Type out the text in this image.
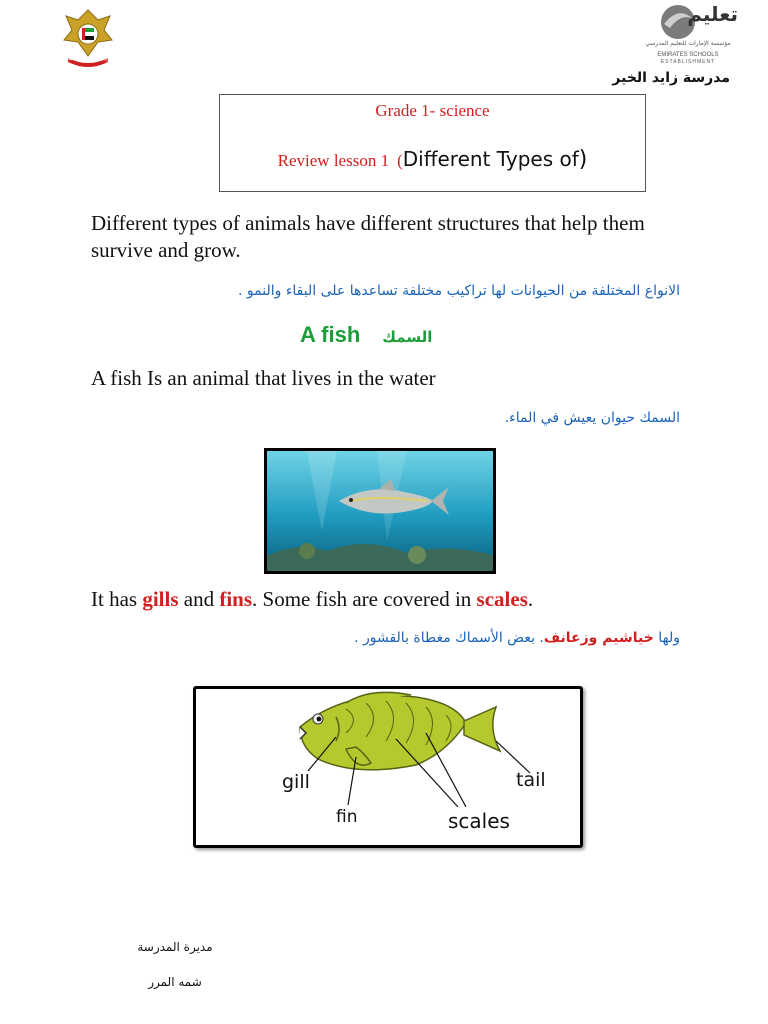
وزارة التربية والتعليم
تعليم
مؤسسة الإمارات للتعليم المدرسي
EMIRATES SCHOOLS
ESTABLISHMENT
مدرسة زايد الخير
Grade 1- science
Review lesson 1 (Different Types of)
Different types of animals have different structures that help them survive and grow.
الانواع المختلفة من الحيوانات لها تراكيب مختلفة تساعدها على البقاء والنمو .
A fish السمك
A fish Is an animal that lives in the water
السمك حيوان يعيش في الماء.
It has gills and fins. Some fish are covered in scales.
ولها خياشيم وزعانف. بعض الأسماك مغطاة بالقشور .
gill
fin	scales
tail
مديرة المدرسة
شمه المرر
